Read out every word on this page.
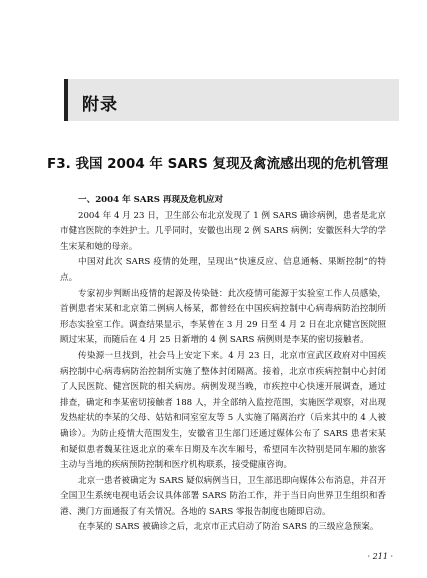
附录
F3. 我国 2004 年 SARS 复现及禽流感出现的危机管理

一、2004 年 SARS 再现及危机应对

2004 年 4 月 23 日，卫生部公布北京发现了 1 例 SARS 确诊病例，患者是北京市健宫医院的李姓护士。几乎同时，安徽也出现 2 例 SARS 病例；安徽医科大学的学生宋某和她的母亲。

中国对此次 SARS 疫情的处理，呈现出“快速反应、信息通畅、果断控制”的特点。

专家初步判断出疫情的起源及传染链：此次疫情可能源于实验室工作人员感染，首例患者宋某和北京第二例病人杨某，都曾经在中国疾病控制中心病毒病防治控制所形态实验室工作。调查结果显示，李某曾在 3 月 29 日至 4 月 2 日在北京健宫医院照顾过宋某，而随后在 4 月 25 日新增的 4 例 SARS 病例则是李某的密切接触者。

传染源一旦找到，社会马上安定下来。4 月 23 日，北京市宣武区政府对中国疾病控制中心病毒病防治控制所实施了整体封闭隔离。接着，北京市疾病控制中心封闭了人民医院、健宫医院的相关病房。病例发现当晚，市疾控中心快速开展调查，通过排查，确定和李某密切接触者 188 人，并全部纳入监控范围，实施医学观察，对出现发热症状的李某的父母、姑姑和同室室友等 5 人实施了隔离治疗（后来其中的 4 人被确诊）。为防止疫情大范围发生，安徽省卫生部门还通过媒体公布了 SARS 患者宋某和疑似患者魏某往返北京的乘车日期及车次车厢号，希望同车次特别是同车厢的旅客主动与当地的疾病预防控制和医疗机构联系，接受健康咨询。

北京一患者被确定为 SARS 疑似病例当日，卫生部迅即向媒体公布消息，并召开全国卫生系统电视电话会议具体部署 SARS 防治工作，并于当日向世界卫生组织和香港、澳门方面通报了有关情况。各地的 SARS 零报告制度也随即启动。

在李某的 SARS 被确诊之后，北京市正式启动了防治 SARS 的三级应急预案。

· 211 ·
